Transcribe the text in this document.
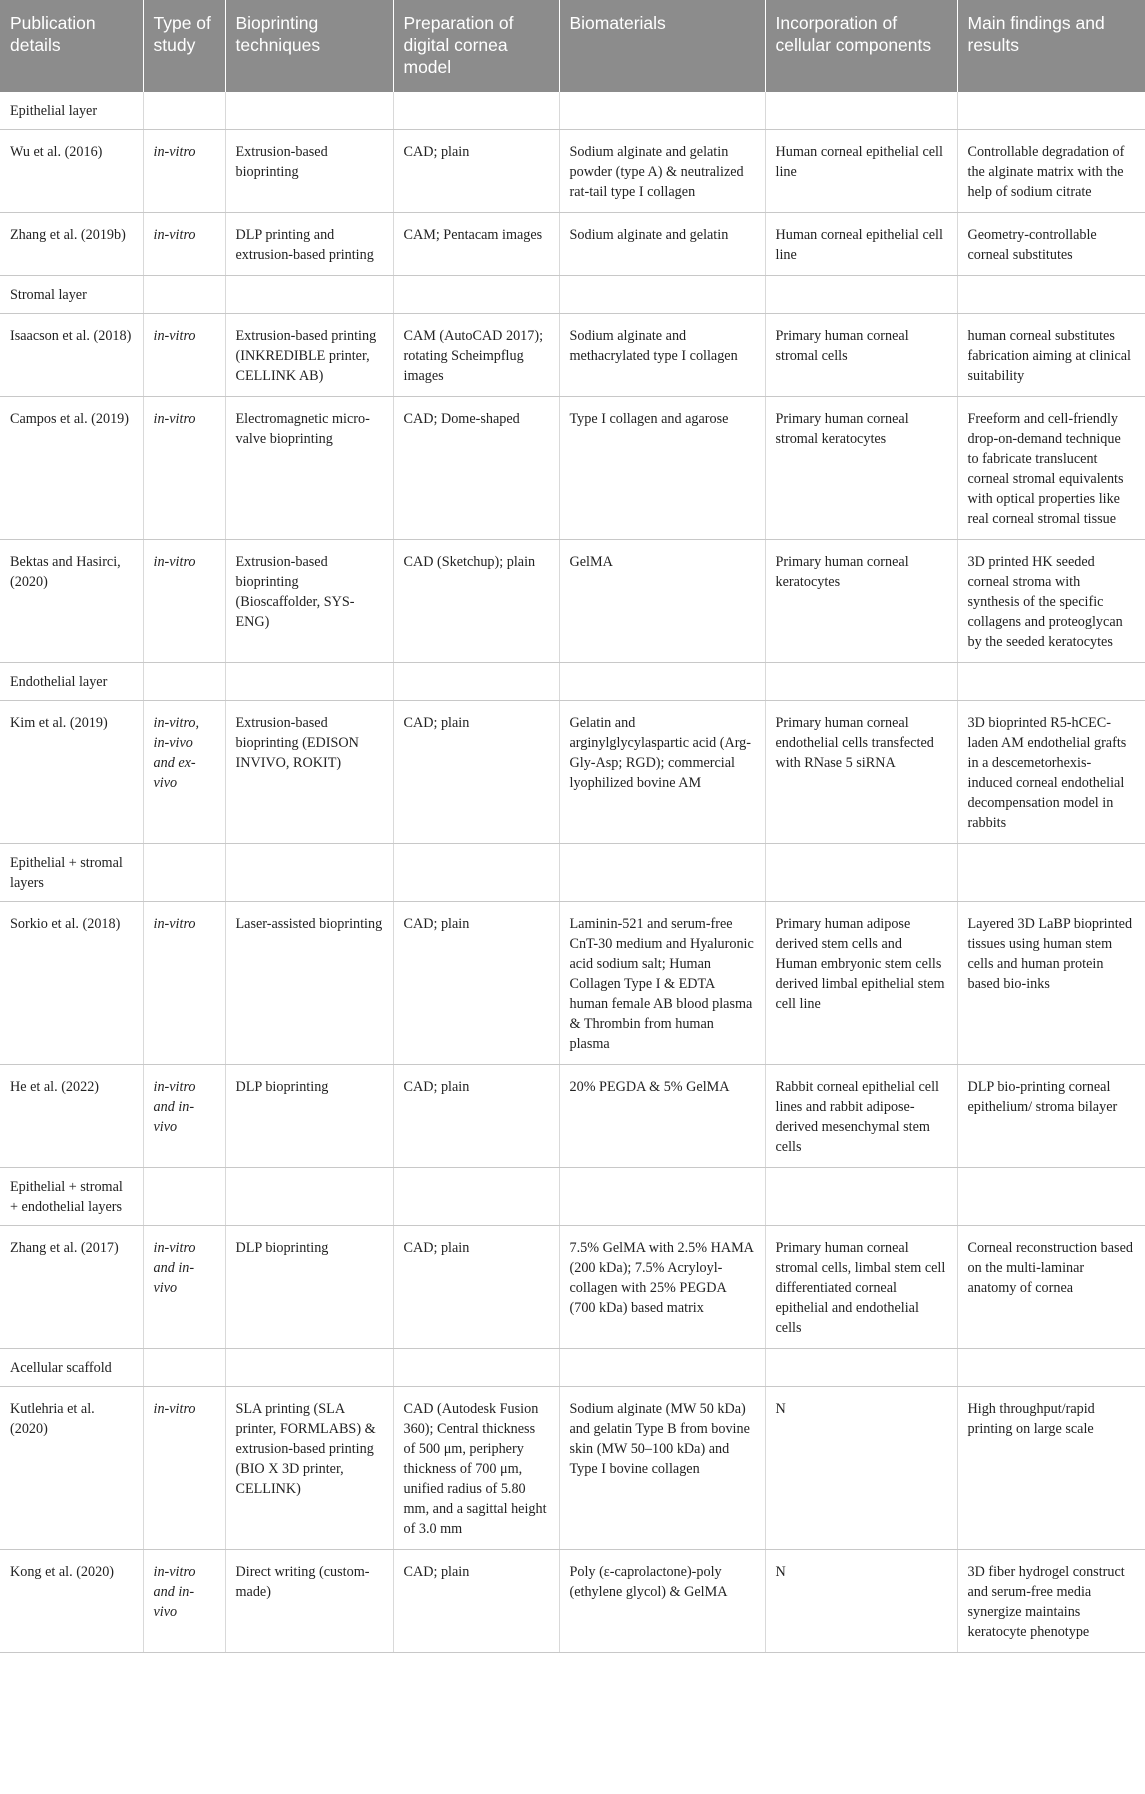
Publication details	Type of study	Bioprinting techniques	Preparation of digital cornea model	Biomaterials	Incorporation of cellular components	Main findings and results
Epithelial layer						
Wu et al. (2016)	in-vitro	Extrusion-based bioprinting	CAD; plain	Sodium alginate and gelatin powder (type A) & neutralized rat-tail type I collagen	Human corneal epithelial cell line	Controllable degradation of the alginate matrix with the help of sodium citrate
Zhang et al. (2019b)	in-vitro	DLP printing and extrusion-based printing	CAM; Pentacam images	Sodium alginate and gelatin	Human corneal epithelial cell line	Geometry-controllable corneal substitutes
Stromal layer						
Isaacson et al. (2018)	in-vitro	Extrusion-based printing (INKREDIBLE printer, CELLINK AB)	CAM (AutoCAD 2017); rotating Scheimpflug images	Sodium alginate and methacrylated type I collagen	Primary human corneal stromal cells	human corneal substitutes fabrication aiming at clinical suitability
Campos et al. (2019)	in-vitro	Electromagnetic micro-valve bioprinting	CAD; Dome-shaped	Type I collagen and agarose	Primary human corneal stromal keratocytes	Freeform and cell-friendly drop-on-demand technique to fabricate translucent corneal stromal equivalents with optical properties like real corneal stromal tissue
Bektas and Hasirci, (2020)	in-vitro	Extrusion-based bioprinting (Bioscaffolder, SYS-ENG)	CAD (Sketchup); plain	GelMA	Primary human corneal keratocytes	3D printed HK seeded corneal stroma with synthesis of the specific collagens and proteoglycan by the seeded keratocytes
Endothelial layer						
Kim et al. (2019)	in-vitro, in-vivo and ex-vivo	Extrusion-based bioprinting (EDISON INVIVO, ROKIT)	CAD; plain	Gelatin and arginylglycylaspartic acid (Arg-Gly-Asp; RGD); commercial lyophilized bovine AM	Primary human corneal endothelial cells transfected with RNase 5 siRNA	3D bioprinted R5-hCEC-laden AM endothelial grafts in a descemetorhexis-induced corneal endothelial decompensation model in rabbits
Epithelial + stromal layers						
Sorkio et al. (2018)	in-vitro	Laser-assisted bioprinting	CAD; plain	Laminin-521 and serum-free CnT-30 medium and Hyaluronic acid sodium salt; Human Collagen Type I & EDTA human female AB blood plasma & Thrombin from human plasma	Primary human adipose derived stem cells and Human embryonic stem cells derived limbal epithelial stem cell line	Layered 3D LaBP bioprinted tissues using human stem cells and human protein based bio-inks
He et al. (2022)	in-vitro and in-vivo	DLP bioprinting	CAD; plain	20% PEGDA & 5% GelMA	Rabbit corneal epithelial cell lines and rabbit adipose-derived mesenchymal stem cells	DLP bio-printing corneal epithelium/ stroma bilayer
Epithelial + stromal + endothelial layers						
Zhang et al. (2017)	in-vitro and in-vivo	DLP bioprinting	CAD; plain	7.5% GelMA with 2.5% HAMA (200 kDa); 7.5% Acryloyl-collagen with 25% PEGDA (700 kDa) based matrix	Primary human corneal stromal cells, limbal stem cell differentiated corneal epithelial and endothelial cells	Corneal reconstruction based on the multi-laminar anatomy of cornea
Acellular scaffold						
Kutlehria et al. (2020)	in-vitro	SLA printing (SLA printer, FORMLABS) & extrusion-based printing (BIO X 3D printer, CELLINK)	CAD (Autodesk Fusion 360); Central thickness of 500 μm, periphery thickness of 700 μm, unified radius of 5.80 mm, and a sagittal height of 3.0 mm	Sodium alginate (MW 50 kDa) and gelatin Type B from bovine skin (MW 50–100 kDa) and Type I bovine collagen	N	High throughput/rapid printing on large scale
Kong et al. (2020)	in-vitro and in-vivo	Direct writing (custom-made)	CAD; plain	Poly (ε-caprolactone)-poly (ethylene glycol) & GelMA	N	3D fiber hydrogel construct and serum-free media synergize maintains keratocyte phenotype
